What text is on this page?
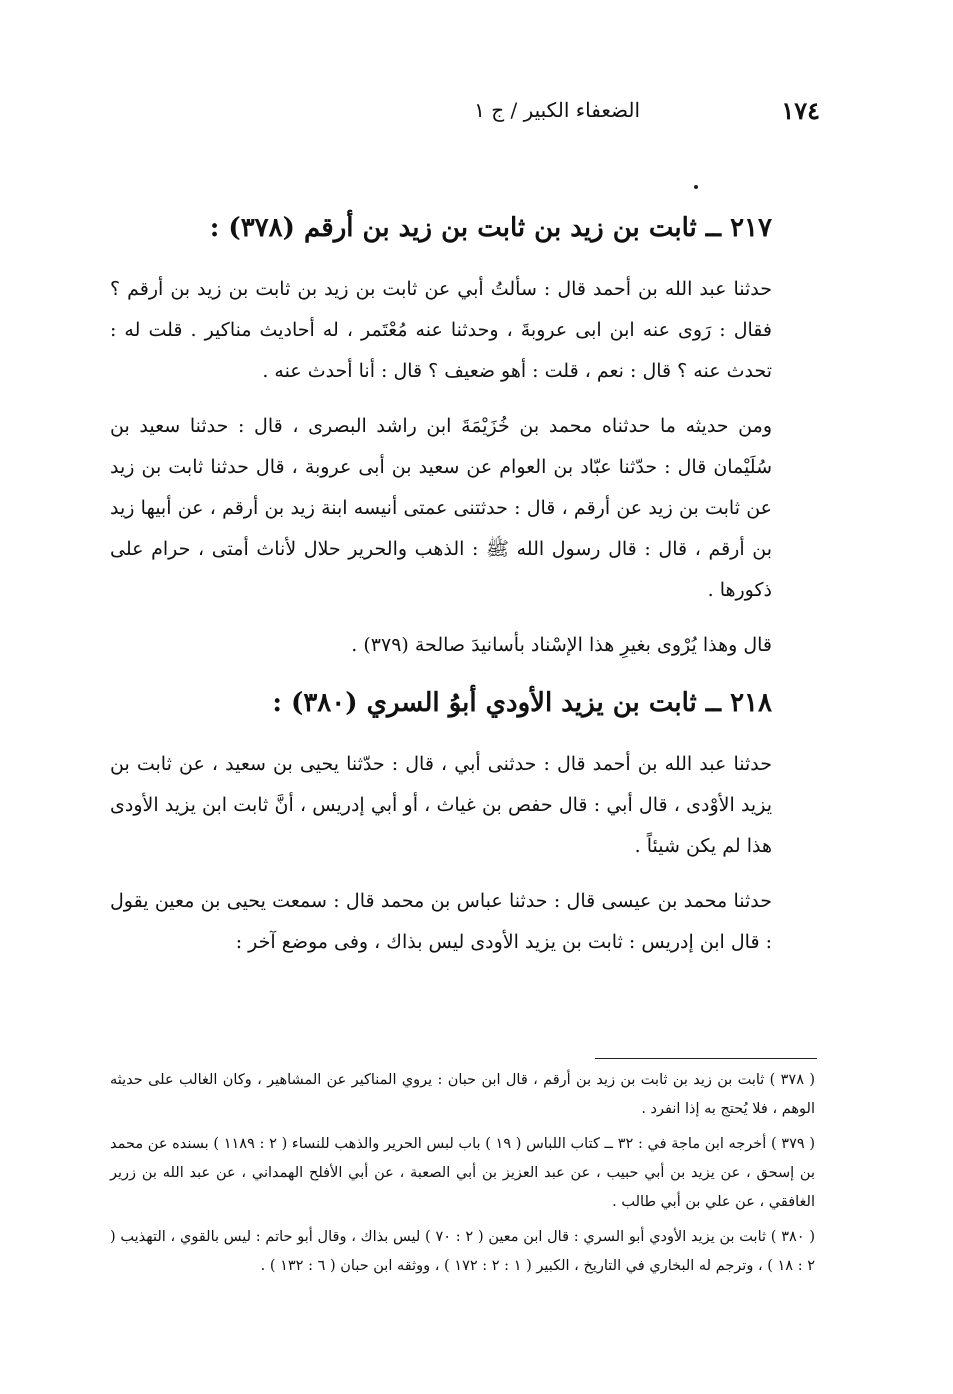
١٧٤
الضعفاء الكبير / ج ١
٢١٧ ــ ثابت بن زيد بن ثابت بن زيد بن أرقم (٣٧٨) :

حدثنا عبد الله بن أحمد قال : سألتُ أبي عن ثابت بن زيد بن ثابت بن زيد بن أرقم ؟ فقال : رَوى عنه ابن ابى عروبةَ ، وحدثنا عنه مُعْتَمر ، له أحاديث مناكير . قلت له : تحدث عنه ؟ قال : نعم ، قلت : أهو ضعيف ؟ قال : أنا أحدث عنه .

ومن حديثه ما حدثناه محمد بن خُزَيْمَةَ ابن راشد البصرى ، قال : حدثنا سعيد بن سُلَيْمان قال : حدّثنا عبّاد بن العوام عن سعيد بن أبى عروبة ، قال حدثنا ثابت بن زيد عن ثابت بن زيد عن أرقم ، قال : حدثتنى عمتى أنيسه ابنة زيد بن أرقم ، عن أبيها زيد بن أرقم ، قال : قال رسول الله ﷺ : الذهب والحرير حلال لأناث أمتى ، حرام على ذكورها .

قال وهذا يُرْوى بغيرِ هذا الإسْناد بأسانيدَ صالحة (٣٧٩) .

٢١٨ ــ ثابت بن يزيد الأودي أبوُ السري (٣٨٠) :

حدثنا عبد الله بن أحمد قال : حدثنى أبي ، قال : حدّثنا يحيى بن سعيد ، عن ثابت بن يزيد الأوْدى ، قال أبي : قال حفص بن غياث ، أو أبي إدريس ، أنَّ ثابت ابن يزيد الأودى هذا لم يكن شيئاً .

حدثنا محمد بن عيسى قال : حدثنا عباس بن محمد قال : سمعت يحيى بن معين يقول : قال ابن إدريس : ثابت بن يزيد الأودى ليس بذاك ، وفى موضع آخر :

( ٣٧٨ ) ثابت بن زيد بن ثابت بن زيد بن أرقم ، قال ابن حبان : يروي المناكير عن المشاهير ، وكان الغالب على حديثه الوهم ، فلا يُحتج به إذا انفرد .

( ٣٧٩ ) أخرجه ابن ماجة في : ٣٢ ــ كتاب اللباس ( ١٩ ) باب لبس الحرير والذهب للنساء ( ٢ : ١١٨٩ ) بسنده عن محمد بن إسحق ، عن يزيد بن أبي حبيب ، عن عبد العزيز بن أبي الصعبة ، عن أبي الأفلح الهمداني ، عن عبد الله بن زرير الغافقي ، عن علي بن أبي طالب .

( ٣٨٠ ) ثابت بن يزيد الأودي أبو السري : قال ابن معين ( ٢ : ٧٠ ) ليس بذاك ، وقال أبو حاتم : ليس بالقوي ، التهذيب ( ٢ : ١٨ ) ، وترجم له البخاري في التاريخ ، الكبير ( ١ : ٢ : ١٧٢ ) ، ووثقه ابن حبان ( ٦ : ١٣٢ ) .
